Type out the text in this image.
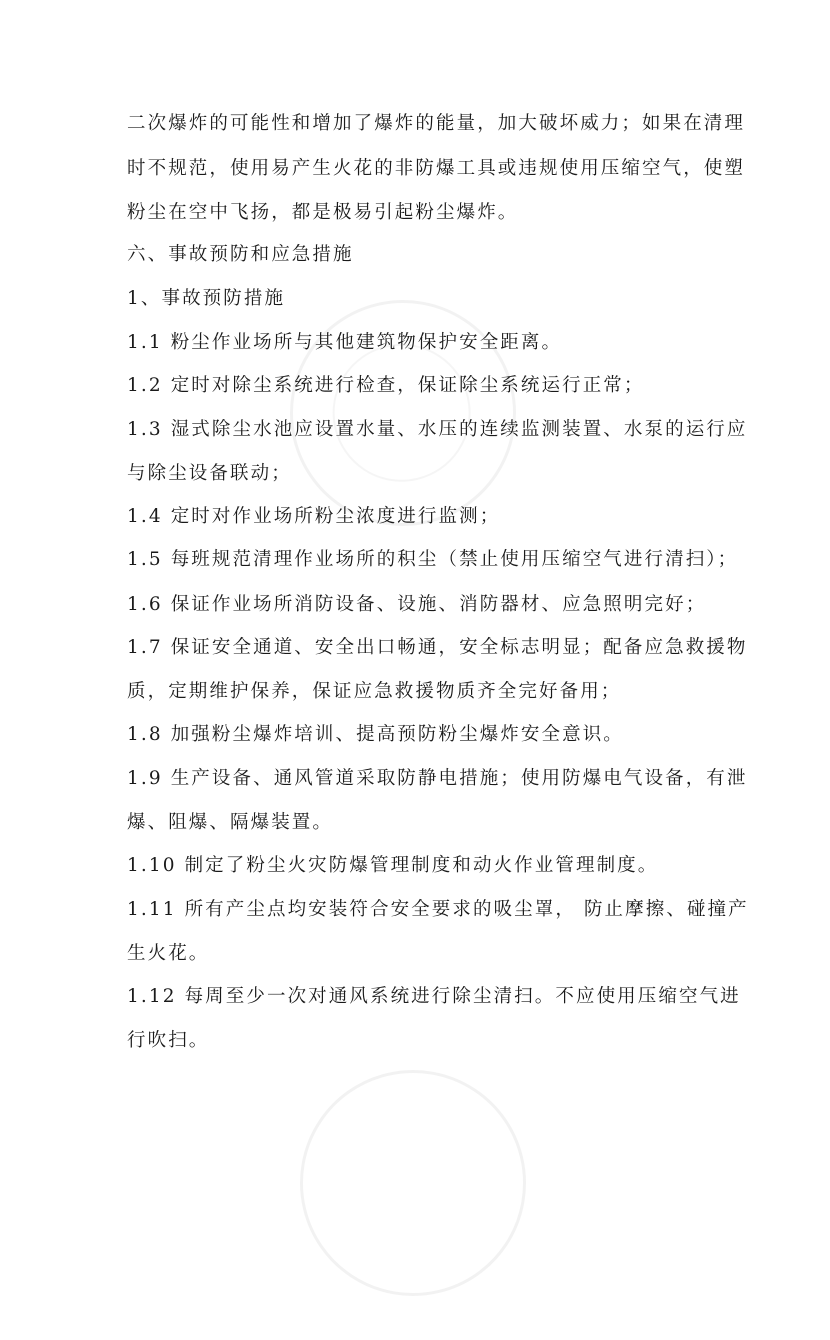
二次爆炸的可能性和增加了爆炸的能量，加大破坏威力；如果在清理
时不规范，使用易产生火花的非防爆工具或违规使用压缩空气，使塑
粉尘在空中飞扬，都是极易引起粉尘爆炸。
六、事故预防和应急措施
1、事故预防措施
1.1 粉尘作业场所与其他建筑物保护安全距离。
1.2 定时对除尘系统进行检查，保证除尘系统运行正常；
1.3 湿式除尘水池应设置水量、水压的连续监测装置、水泵的运行应
与除尘设备联动；
1.4 定时对作业场所粉尘浓度进行监测；
1.5 每班规范清理作业场所的积尘（禁止使用压缩空气进行清扫）；
1.6 保证作业场所消防设备、设施、消防器材、应急照明完好；
1.7 保证安全通道、安全出口畅通，安全标志明显；配备应急救援物
质，定期维护保养，保证应急救援物质齐全完好备用；
1.8 加强粉尘爆炸培训、提高预防粉尘爆炸安全意识。
1.9 生产设备、通风管道采取防静电措施；使用防爆电气设备，有泄
爆、阻爆、隔爆装置。
1.10 制定了粉尘火灾防爆管理制度和动火作业管理制度。
1.11 所有产尘点均安装符合安全要求的吸尘罩， 防止摩擦、碰撞产
生火花。
1.12 每周至少一次对通风系统进行除尘清扫。不应使用压缩空气进
行吹扫。
